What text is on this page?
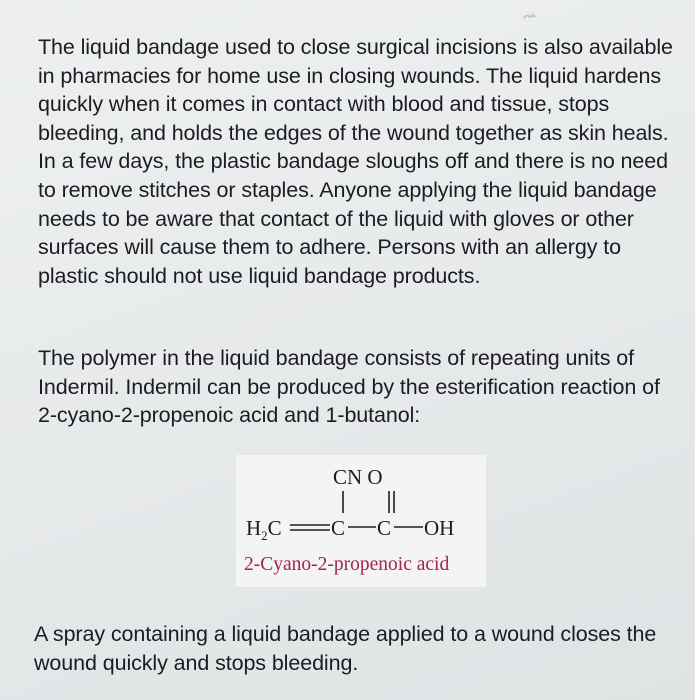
The liquid bandage used to close surgical incisions is also available in pharmacies for home use in closing wounds. The liquid hardens quickly when it comes in contact with blood and tissue, stops bleeding, and holds the edges of the wound together as skin heals. In a few days, the plastic bandage sloughs off and there is no need to remove stitches or staples. Anyone applying the liquid bandage needs to be aware that contact of the liquid with gloves or other surfaces will cause them to adhere. Persons with an allergy to plastic should not use liquid bandage products.

The polymer in the liquid bandage consists of repeating units of Indermil. Indermil can be produced by the esterification reaction of 2-cyano-2-propenoic acid and 1-butanol:

CN O
$H_2C$ C C OH
2-Cyano-2-propenoic acid

A spray containing a liquid bandage applied to a wound closes the wound quickly and stops bleeding.
